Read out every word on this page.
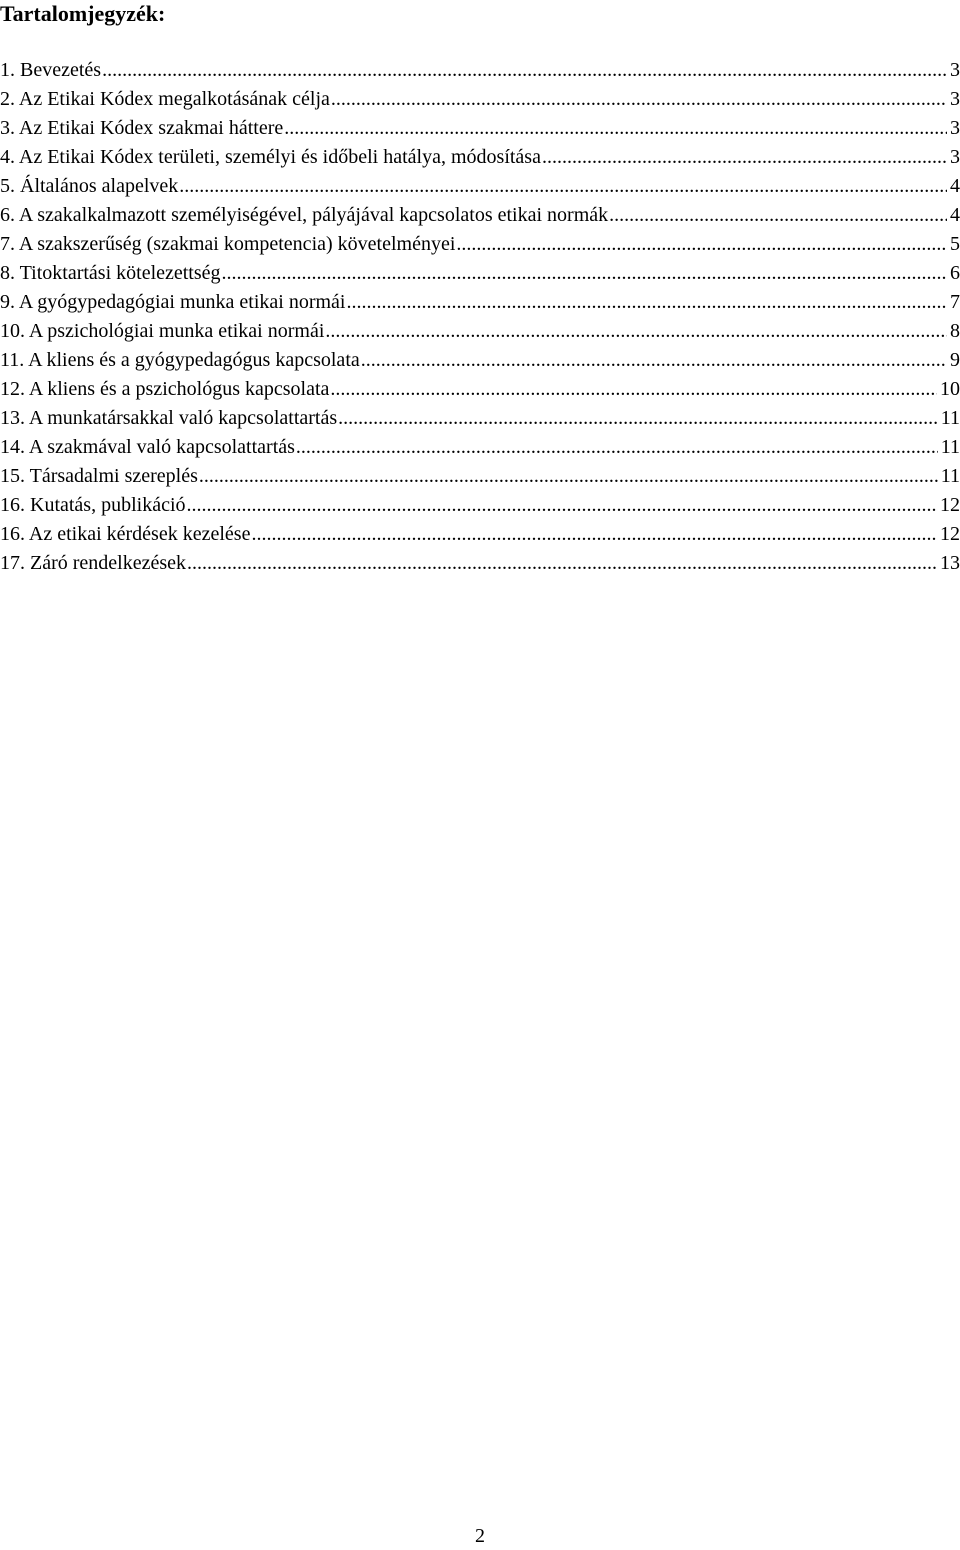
Tartalomjegyzék:
1. Bevezetés .....	3
2. Az Etikai Kódex megalkotásának célja .....	3
3. Az Etikai Kódex szakmai háttere .....	3
4. Az Etikai Kódex területi, személyi és időbeli hatálya, módosítása .....	3
5. Általános alapelvek .....	4
6. A szakalkalmazott személyiségével, pályájával kapcsolatos etikai normák .....	4
7. A szakszerűség (szakmai kompetencia) követelményei .....	5
8. Titoktartási kötelezettség .....	6
9. A gyógypedagógiai munka etikai normái .....	7
10. A pszichológiai munka etikai normái .....	8
11. A kliens és a gyógypedagógus kapcsolata .....	9
12. A kliens és a pszichológus kapcsolata .....	10
13. A munkatársakkal való kapcsolattartás .....	11
14. A szakmával való kapcsolattartás .....	11
15. Társadalmi szereplés .....	11
16. Kutatás, publikáció .....	12
16. Az etikai kérdések kezelése .....	12
17. Záró rendelkezések .....	13
2
